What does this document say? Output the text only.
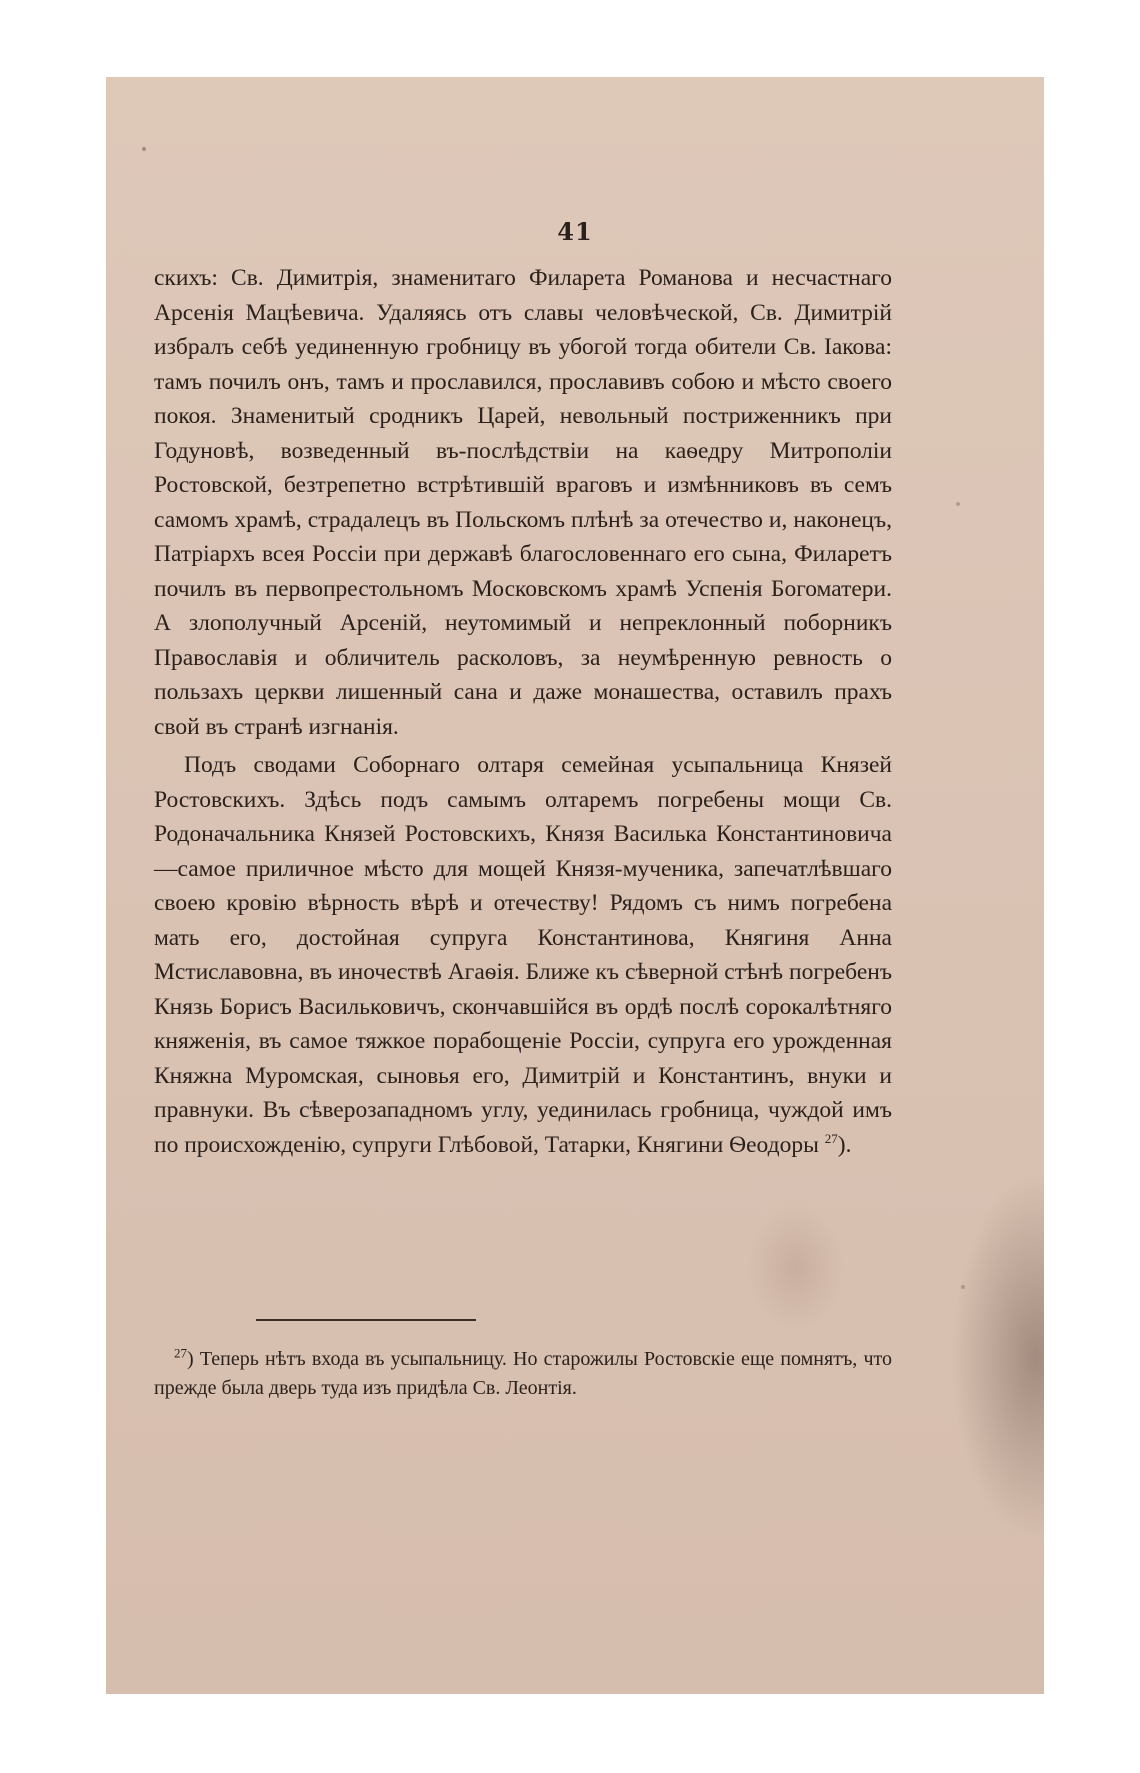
41

скихъ: Св. Димитрія, знаменитаго Филарета Романова и несчастнаго Арсенія Мацѣевича. Удаляясь отъ славы человѣческой, Св. Димитрій избралъ себѣ уединенную гробницу въ убогой тогда обители Св. Іакова: тамъ почилъ онъ, тамъ и прославился, прославивъ собою и мѣсто своего покоя. Знаменитый сродникъ Царей, невольный постриженникъ при Годуновѣ, возведенный въ-послѣдствіи на каѳедру Митрополіи Ростовской, безтрепетно встрѣтившій враговъ и измѣнниковъ въ семъ самомъ храмѣ, страдалецъ въ Польскомъ плѣнѣ за отечество и, наконецъ, Патріархъ всея Россіи при державѣ благословеннаго его сына, Филаретъ почилъ въ первопрестольномъ Московскомъ храмѣ Успенія Богоматери. А злополучный Арсеній, неутомимый и непреклонный поборникъ Православія и обличитель расколовъ, за неумѣренную ревность о пользахъ церкви лишенный сана и даже монашества, оставилъ прахъ свой въ странѣ изгнанія.

Подъ сводами Соборнаго олтаря семейная усыпальница Князей Ростовскихъ. Здѣсь подъ самымъ олтаремъ погребены мощи Св. Родоначальника Князей Ростовскихъ, Князя Василька Константиновича—самое приличное мѣсто для мощей Князя-мученика, запечатлѣвшаго своею кровію вѣрность вѣрѣ и отечеству! Рядомъ съ нимъ погребена мать его, достойная супруга Константинова, Княгиня Анна Мстиславовна, въ иночествѣ Агаѳія. Ближе къ сѣверной стѣнѣ погребенъ Князь Борисъ Васильковичъ, скончавшійся въ ордѣ послѣ сорокалѣтняго княженія, въ самое тяжкое порабощеніе Россіи, супруга его урожденная Княжна Муромская, сыновья его, Димитрій и Константинъ, внуки и правнуки. Въ сѣверозападномъ углу, уединилась гробница, чуждой имъ по происхожденію, супруги Глѣбовой, Татарки, Княгини Ѳеодоры $^{27}$).

$^{27}$) Теперь нѣтъ входа въ усыпальницу. Но старожилы Ростовскіе еще помнятъ, что прежде была дверь туда изъ придѣла Св. Леонтія.
